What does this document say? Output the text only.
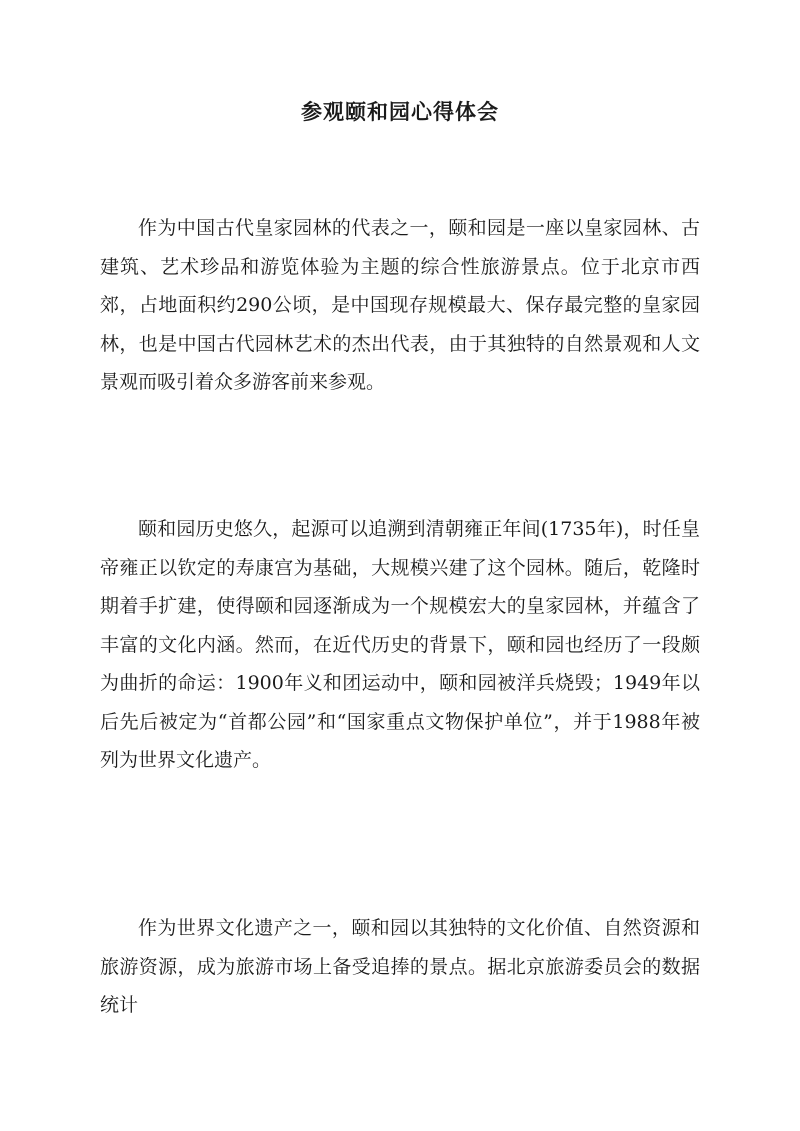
参观颐和园心得体会

作为中国古代皇家园林的代表之一，颐和园是一座以皇家园林、古建筑、艺术珍品和游览体验为主题的综合性旅游景点。位于北京市西郊，占地面积约290公顷，是中国现存规模最大、保存最完整的皇家园林，也是中国古代园林艺术的杰出代表，由于其独特的自然景观和人文景观而吸引着众多游客前来参观。

颐和园历史悠久，起源可以追溯到清朝雍正年间(1735年)，时任皇帝雍正以钦定的寿康宫为基础，大规模兴建了这个园林。随后，乾隆时期着手扩建，使得颐和园逐渐成为一个规模宏大的皇家园林，并蕴含了丰富的文化内涵。然而，在近代历史的背景下，颐和园也经历了一段颇为曲折的命运：1900年义和团运动中，颐和园被洋兵烧毁；1949年以后先后被定为“首都公园”和“国家重点文物保护单位”，并于1988年被列为世界文化遗产。

作为世界文化遗产之一，颐和园以其独特的文化价值、自然资源和旅游资源，成为旅游市场上备受追捧的景点。据北京旅游委员会的数据统计
